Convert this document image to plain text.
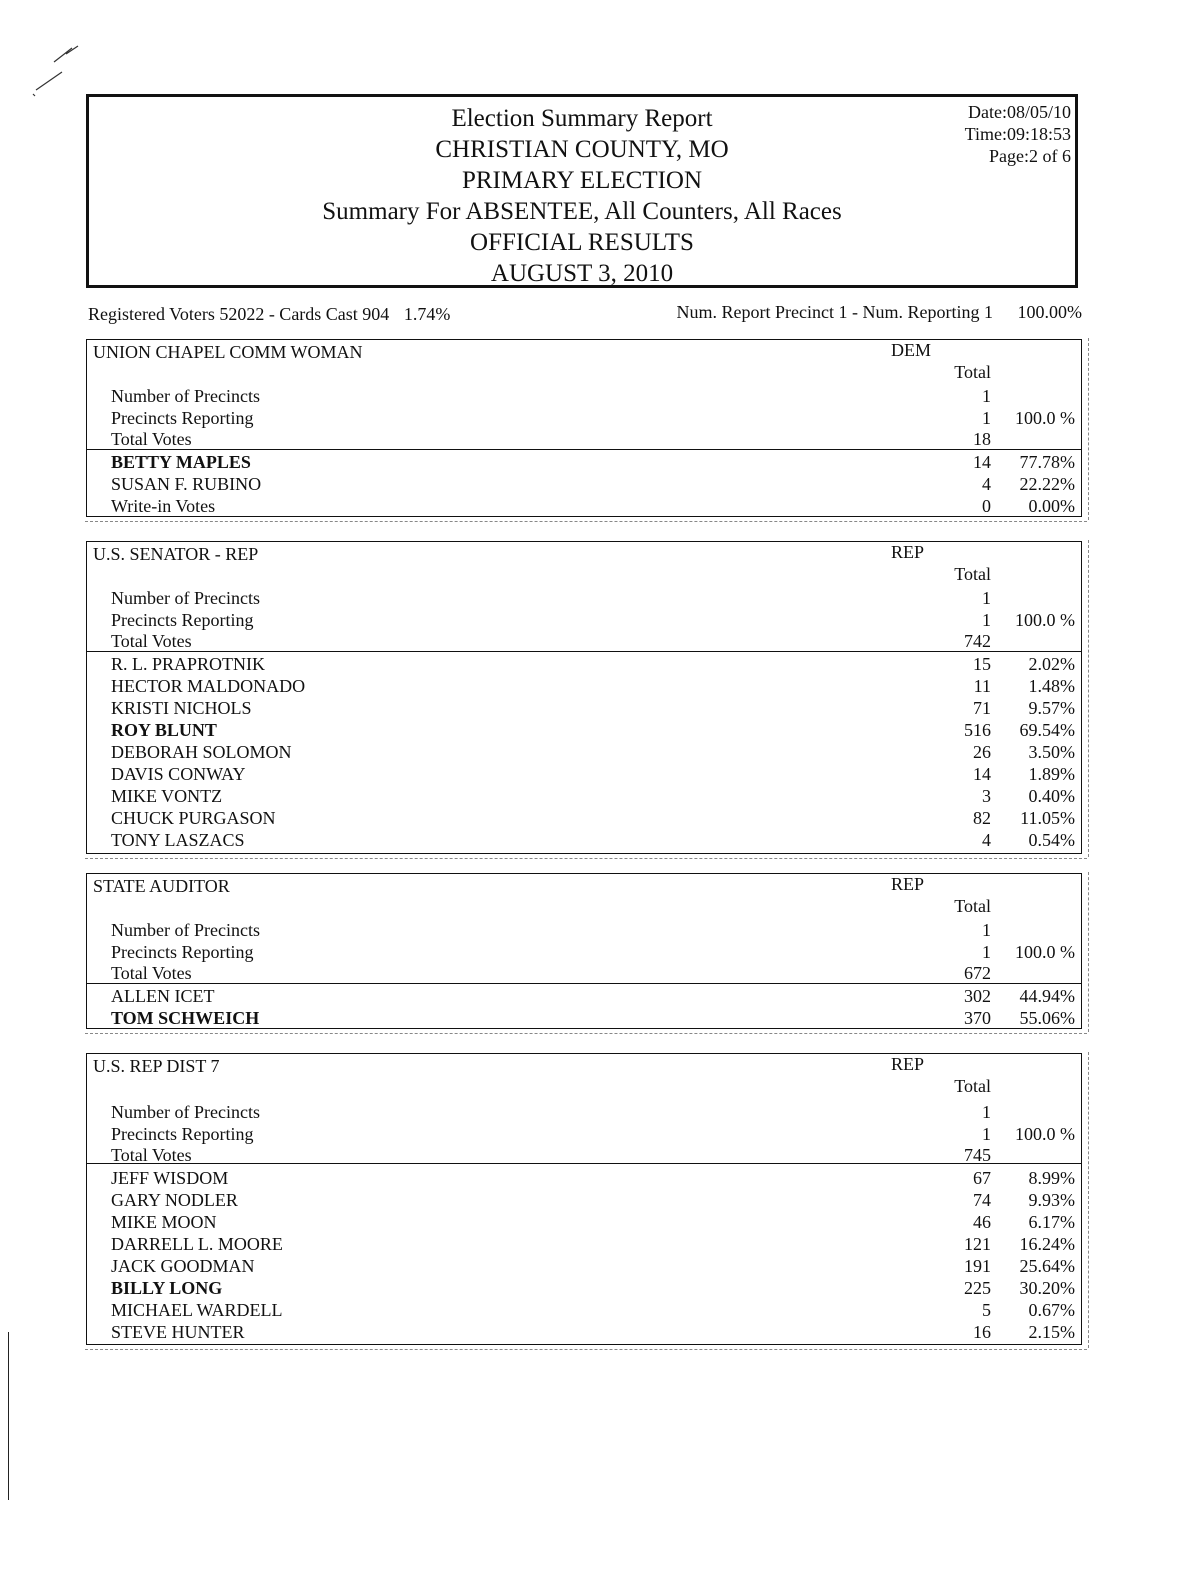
Election Summary Report
CHRISTIAN COUNTY, MO
PRIMARY ELECTION
Summary For ABSENTEE, All Counters, All Races
OFFICIAL RESULTS
AUGUST 3, 2010
Date:08/05/10
Time:09:18:53
Page:2 of 6
Registered Voters 52022 - Cards Cast 904 1.74%	Num. Report Precinct 1 - Num. Reporting 1 100.00%
UNION CHAPEL COMM WOMAN	DEM
Total
Number of Precincts	1
Precincts Reporting	1	100.0 %
Total Votes	18
BETTY MAPLES	14	77.78%
SUSAN F. RUBINO	4	22.22%
Write-in Votes	0	0.00%
U.S. SENATOR - REP	REP
Total
Number of Precincts	1
Precincts Reporting	1	100.0 %
Total Votes	742
R. L. PRAPROTNIK	15	2.02%
HECTOR MALDONADO	11	1.48%
KRISTI NICHOLS	71	9.57%
ROY BLUNT	516	69.54%
DEBORAH SOLOMON	26	3.50%
DAVIS CONWAY	14	1.89%
MIKE VONTZ	3	0.40%
CHUCK PURGASON	82	11.05%
TONY LASZACS	4	0.54%
STATE AUDITOR	REP
Total
Number of Precincts	1
Precincts Reporting	1	100.0 %
Total Votes	672
ALLEN ICET	302	44.94%
TOM SCHWEICH	370	55.06%
U.S. REP DIST 7	REP
Total
Number of Precincts	1
Precincts Reporting	1	100.0 %
Total Votes	745
JEFF WISDOM	67	8.99%
GARY NODLER	74	9.93%
MIKE MOON	46	6.17%
DARRELL L. MOORE	121	16.24%
JACK GOODMAN	191	25.64%
BILLY LONG	225	30.20%
MICHAEL WARDELL	5	0.67%
STEVE HUNTER	16	2.15%
